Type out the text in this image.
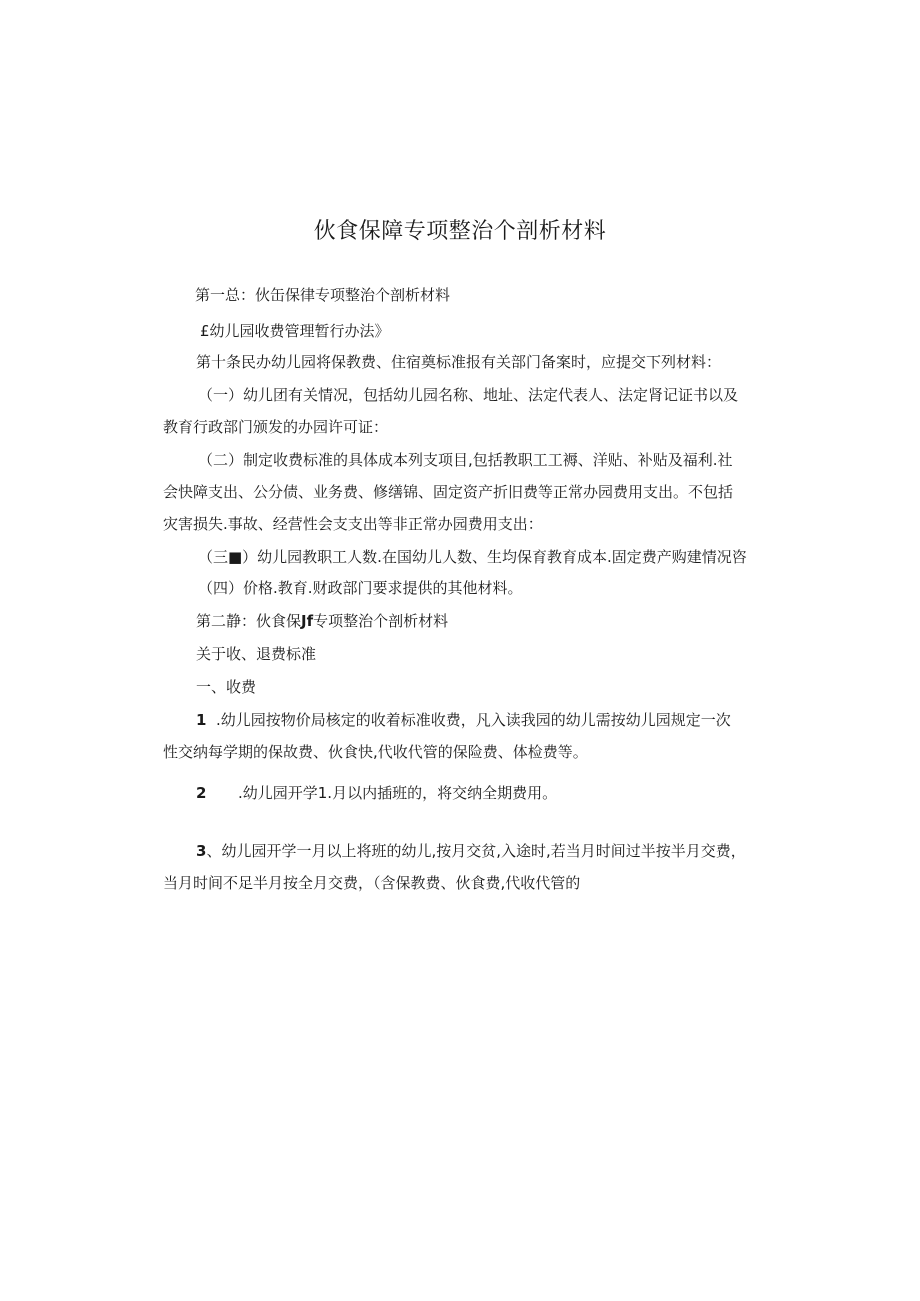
伙食保障专项整治个剖析材料
第一总：伙缶保律专项整治个剖析材料
£幼儿园收费管理暂行办法》
第十条民办幼儿园将保教费、住宿奠标准报有关部门备案时，应提交下列材料：
（一）幼儿团有关情况，包括幼儿园名称、地址、法定代表人、法定肾记证书以及
教育行政部门颁发的办园许可证：
（二）制定收费标准的具体成本列支项目,包括教职工工褥、洋贴、补贴及福利.社
会快障支出、公分债、业务费、修缮锦、固定资产折旧费等正常办园费用支出。不包括
灾害损失.事故、经营性会支支出等非正常办园费用支出：
（三■）幼儿园教职工人数.在国幼儿人数、生均保育教育成本.固定费产购建情况咨
（四）价格.教育.财政部门要求提供的其他材料。
第二静：伙食保Jf专项整治个剖析材料
关于收、退费标准
一、收费
1 .幼儿园按物价局核定的收着标准收费，凡入读我园的幼儿需按幼儿园规定一次
性交纳每学期的保故费、伙食快,代收代管的保险费、体检费等。
2 .幼儿园开学1.月以内插班的，将交纳全期费用。
3、幼儿园开学一月以上将班的幼儿,按月交贫,入途时,若当月时间过半按半月交费，
当月时间不足半月按全月交费，（含保教费、伙食费,代收代管的
